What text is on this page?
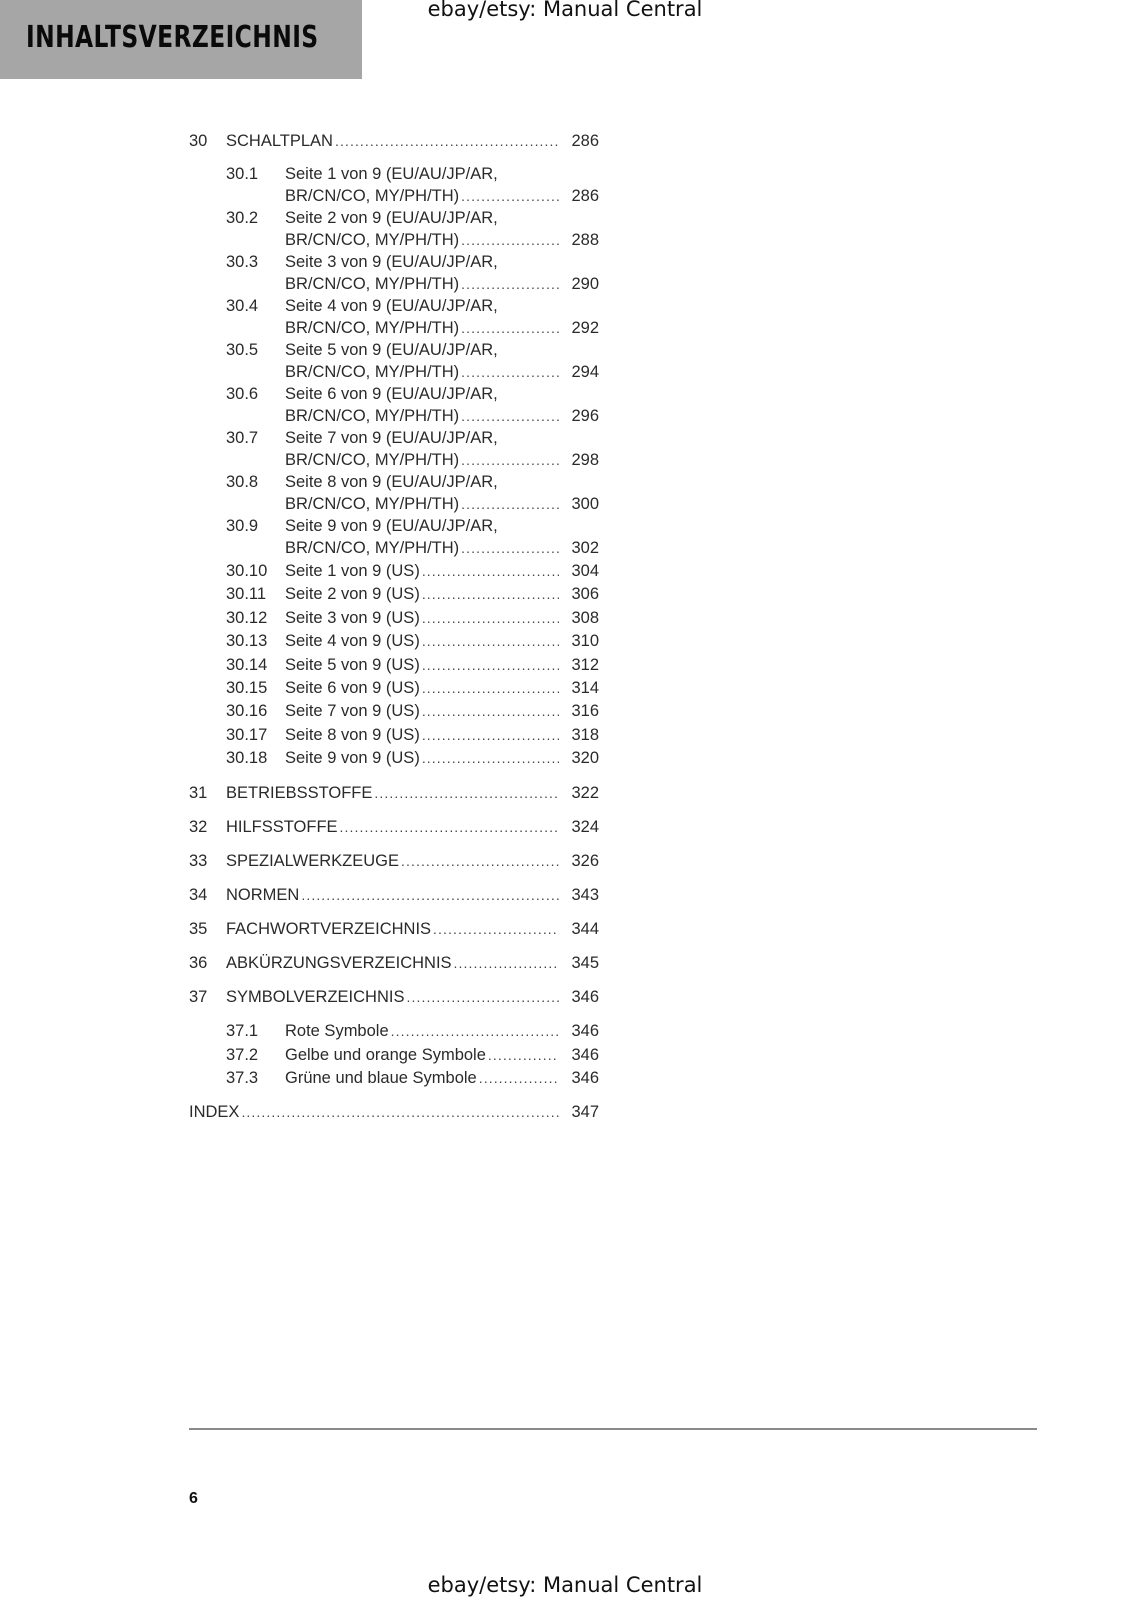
INHALTSVERZEICHNIS
ebay/etsy: Manual Central
30 SCHALTPLAN .....	286
30.1 Seite 1 von 9 (EU/AU/JP/AR,
BR/CN/CO, MY/PH/TH) .....	286
30.2 Seite 2 von 9 (EU/AU/JP/AR,
BR/CN/CO, MY/PH/TH) .....	288
30.3 Seite 3 von 9 (EU/AU/JP/AR,
BR/CN/CO, MY/PH/TH) .....	290
30.4 Seite 4 von 9 (EU/AU/JP/AR,
BR/CN/CO, MY/PH/TH) .....	292
30.5 Seite 5 von 9 (EU/AU/JP/AR,
BR/CN/CO, MY/PH/TH) .....	294
30.6 Seite 6 von 9 (EU/AU/JP/AR,
BR/CN/CO, MY/PH/TH) .....	296
30.7 Seite 7 von 9 (EU/AU/JP/AR,
BR/CN/CO, MY/PH/TH) .....	298
30.8 Seite 8 von 9 (EU/AU/JP/AR,
BR/CN/CO, MY/PH/TH) .....	300
30.9 Seite 9 von 9 (EU/AU/JP/AR,
BR/CN/CO, MY/PH/TH) .....	302
30.10 Seite 1 von 9 (US) .....	304
30.11 Seite 2 von 9 (US) .....	306
30.12 Seite 3 von 9 (US) .....	308
30.13 Seite 4 von 9 (US) .....	310
30.14 Seite 5 von 9 (US) .....	312
30.15 Seite 6 von 9 (US) .....	314
30.16 Seite 7 von 9 (US) .....	316
30.17 Seite 8 von 9 (US) .....	318
30.18 Seite 9 von 9 (US) .....	320
31 BETRIEBSSTOFFE .....	322
32 HILFSSTOFFE .....	324
33 SPEZIALWERKZEUGE .....	326
34 NORMEN .....	343
35 FACHWORTVERZEICHNIS .....	344
36 ABKÜRZUNGSVERZEICHNIS .....	345
37 SYMBOLVERZEICHNIS .....	346
37.1 Rote Symbole .....	346
37.2 Gelbe und orange Symbole .....	346
37.3 Grüne und blaue Symbole .....	346
INDEX .....	347
6
ebay/etsy: Manual Central
